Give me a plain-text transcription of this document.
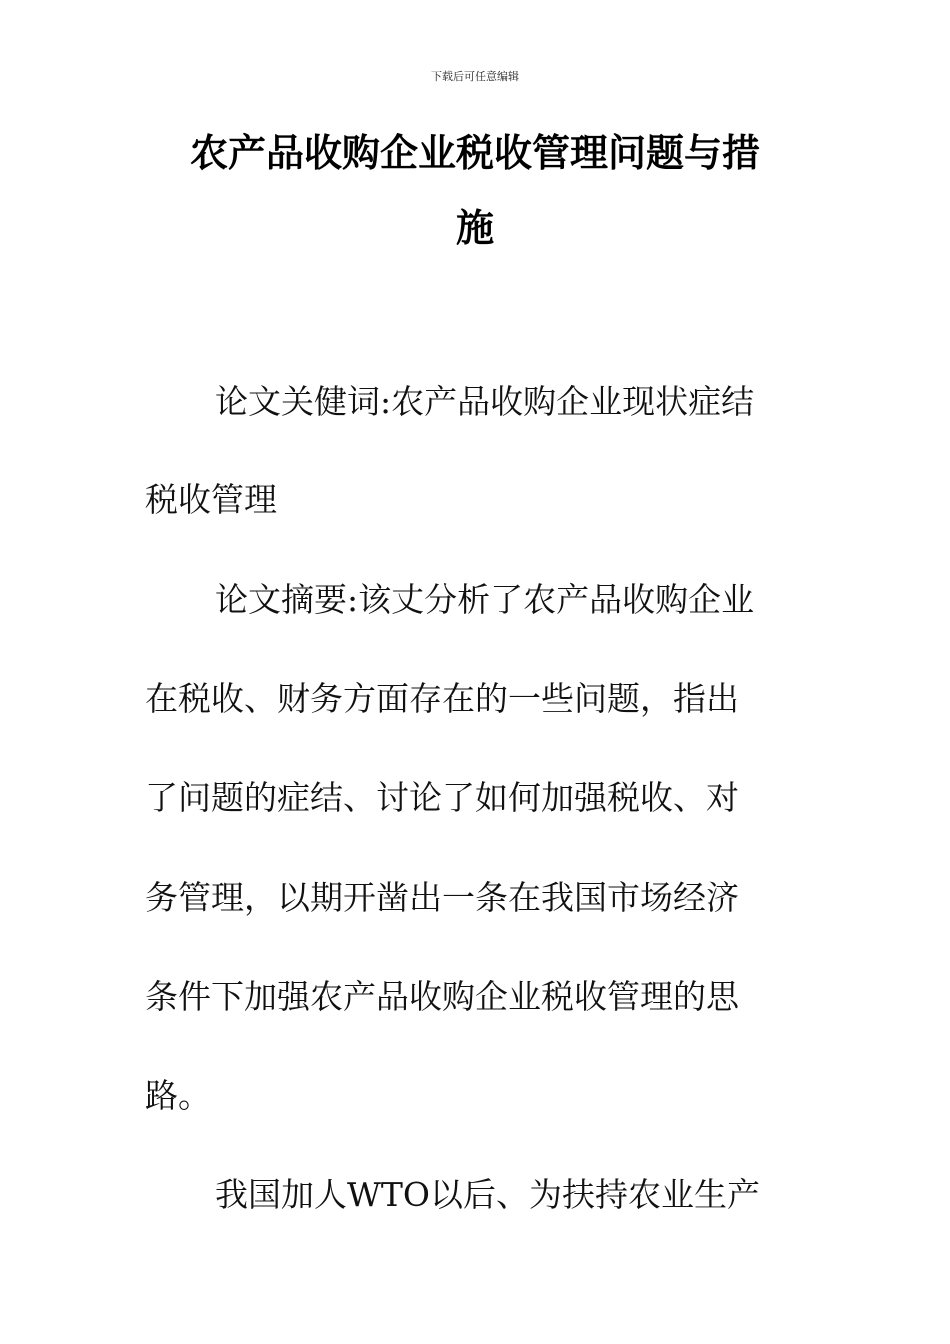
下载后可任意编辑

农产品收购企业税收管理问题与措
施

论文关健词:农产品收购企业现状症结

税收管理

论文摘要:该丈分析了农产品收购企业

在税收、财务方面存在的一些问题，指出

了问题的症结、讨论了如何加强税收、对

务管理，以期开凿出一条在我国市场经济

条件下加强农产品收购企业税收管理的思

路。

我国加人WTO以后、为扶持农业生产
